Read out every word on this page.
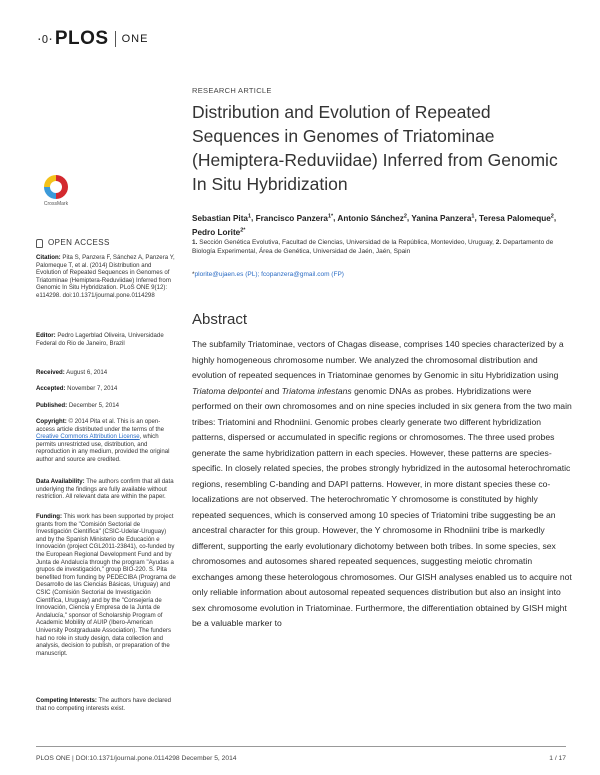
·O· PLOS ONE
CrossMark
OPEN ACCESS
Citation: Pita S, Panzera F, Sánchez A, Panzera Y, Palomeque T, et al. (2014) Distribution and Evolution of Repeated Sequences in Genomes of Triatominae (Hemiptera-Reduviidae) Inferred from Genomic In Situ Hybridization. PLoS ONE 9(12): e114298. doi:10.1371/journal.pone.0114298
Editor: Pedro Lagerblad Oliveira, Universidade Federal do Rio de Janeiro, Brazil
Received: August 6, 2014
Accepted: November 7, 2014
Published: December 5, 2014
Copyright: © 2014 Pita et al. This is an open-access article distributed under the terms of the Creative Commons Attribution License, which permits unrestricted use, distribution, and reproduction in any medium, provided the original author and source are credited.
Data Availability: The authors confirm that all data underlying the findings are fully available without restriction. All relevant data are within the paper.
Funding: This work has been supported by project grants from the "Comisión Sectorial de Investigación Científica" (CSIC-Udelar-Uruguay) and by the Spanish Ministerio de Educación e Innovación (project CGL2011-23841), co-funded by the European Regional Development Fund and by Junta de Andalucía through the program "Ayudas a grupos de investigación," group BIO-220. S. Pita benefited from funding by PEDECIBA (Programa de Desarrollo de las Ciencias Básicas, Uruguay) and CSIC (Comisión Sectorial de Investigación Científica, Uruguay) and by the "Consejería de Innovación, Ciencia y Empresa de la Junta de Andalucía," sponsor of Scholarship Program of Academic Mobility of AUIP (Ibero-American University Postgraduate Association). The funders had no role in study design, data collection and analysis, decision to publish, or preparation of the manuscript.
Competing Interests: The authors have declared that no competing interests exist.
RESEARCH ARTICLE
Distribution and Evolution of Repeated Sequences in Genomes of Triatominae (Hemiptera-Reduviidae) Inferred from Genomic In Situ Hybridization
Sebastian Pita$^1$, Francisco Panzera$^{1*}$, Antonio Sánchez$^2$, Yanina Panzera$^1$, Teresa Palomeque$^2$, Pedro Lorite$^{2*}$
1. Sección Genética Evolutiva, Facultad de Ciencias, Universidad de la República, Montevideo, Uruguay, 2. Departamento de Biología Experimental, Área de Genética, Universidad de Jaén, Jaén, Spain
*plorite@ujaen.es (PL); fcopanzera@gmail.com (FP)
Abstract
The subfamily Triatominae, vectors of Chagas disease, comprises 140 species characterized by a highly homogeneous chromosome number. We analyzed the chromosomal distribution and evolution of repeated sequences in Triatominae genomes by Genomic in situ Hybridization using Triatoma delpontei and Triatoma infestans genomic DNAs as probes. Hybridizations were performed on their own chromosomes and on nine species included in six genera from the two main tribes: Triatomini and Rhodniini. Genomic probes clearly generate two different hybridization patterns, dispersed or accumulated in specific regions or chromosomes. The three used probes generate the same hybridization pattern in each species. However, these patterns are species-specific. In closely related species, the probes strongly hybridized in the autosomal heterochromatic regions, resembling C-banding and DAPI patterns. However, in more distant species these co-localizations are not observed. The heterochromatic Y chromosome is constituted by highly repeated sequences, which is conserved among 10 species of Triatomini tribe suggesting be an ancestral character for this group. However, the Y chromosome in Rhodniini tribe is markedly different, supporting the early evolutionary dichotomy between both tribes. In some species, sex chromosomes and autosomes shared repeated sequences, suggesting meiotic chromatin exchanges among these heterologous chromosomes. Our GISH analyses enabled us to acquire not only reliable information about autosomal repeated sequences distribution but also an insight into sex chromosome evolution in Triatominae. Furthermore, the differentiation obtained by GISH might be a valuable marker to
PLOS ONE | DOI:10.1371/journal.pone.0114298 December 5, 2014	1 / 17
